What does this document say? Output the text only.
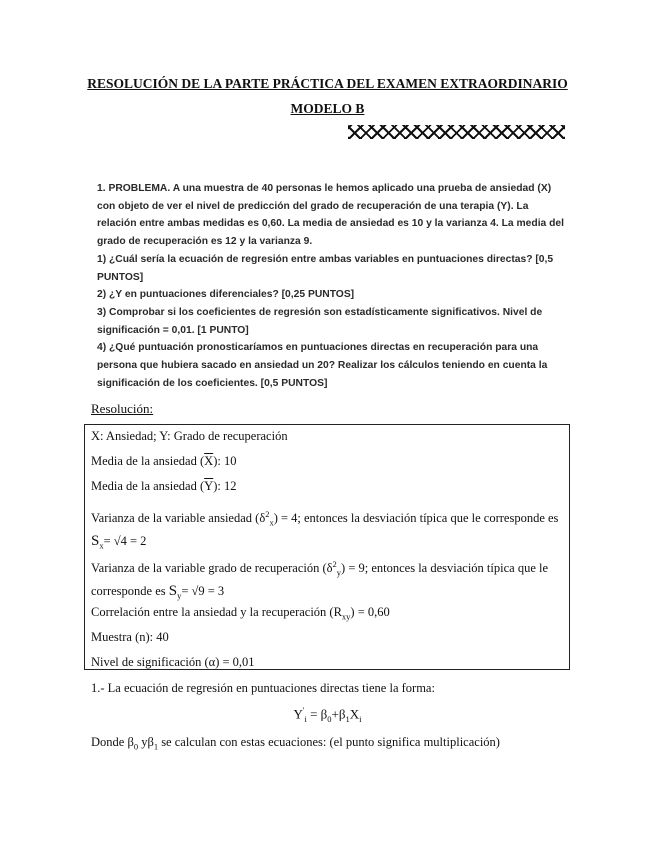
RESOLUCIÓN DE LA PARTE PRÁCTICA DEL EXAMEN EXTRAORDINARIO
MODELO B

1. PROBLEMA. A una muestra de 40 personas le hemos aplicado una prueba de ansiedad (X) con objeto de ver el nivel de predicción del grado de recuperación de una terapia (Y). La relación entre ambas medidas es 0,60. La media de ansiedad es 10 y la varianza 4. La media del grado de recuperación es 12 y la varianza 9.

1) ¿Cuál sería la ecuación de regresión entre ambas variables en puntuaciones directas? [0,5 PUNTOS]

2) ¿Y en puntuaciones diferenciales? [0,25 PUNTOS]

3) Comprobar si los coeficientes de regresión son estadísticamente significativos. Nivel de significación = 0,01. [1 PUNTO]

4) ¿Qué puntuación pronosticaríamos en puntuaciones directas en recuperación para una persona que hubiera sacado en ansiedad un 20? Realizar los cálculos teniendo en cuenta la significación de los coeficientes. [0,5 PUNTOS]

Resolución:
X: Ansiedad; Y: Grado de recuperación
Media de la ansiedad $(\overline{X})$: 10
Media de la ansiedad $(\overline{Y})$: 12
Varianza de la variable ansiedad $(\delta^2_x) = 4$; entonces la desviación típica que le corresponde es $S_x= √4 = 2$
Varianza de la variable grado de recuperación $(\delta^2_y) = 9$; entonces la desviación típica que le corresponde es $S_y= √9 = 3$
Correlación entre la ansiedad y la recuperación $(R_{xy}) = 0,60$
Muestra (n): 40
Nivel de significación (α) = 0,01
1.- La ecuación de regresión en puntuaciones directas tiene la forma:
$Y'_i = \beta_0+\beta_1X_i$
Donde $\beta_0$ $y\beta_1$ se calculan con estas ecuaciones: (el punto significa multiplicación)
